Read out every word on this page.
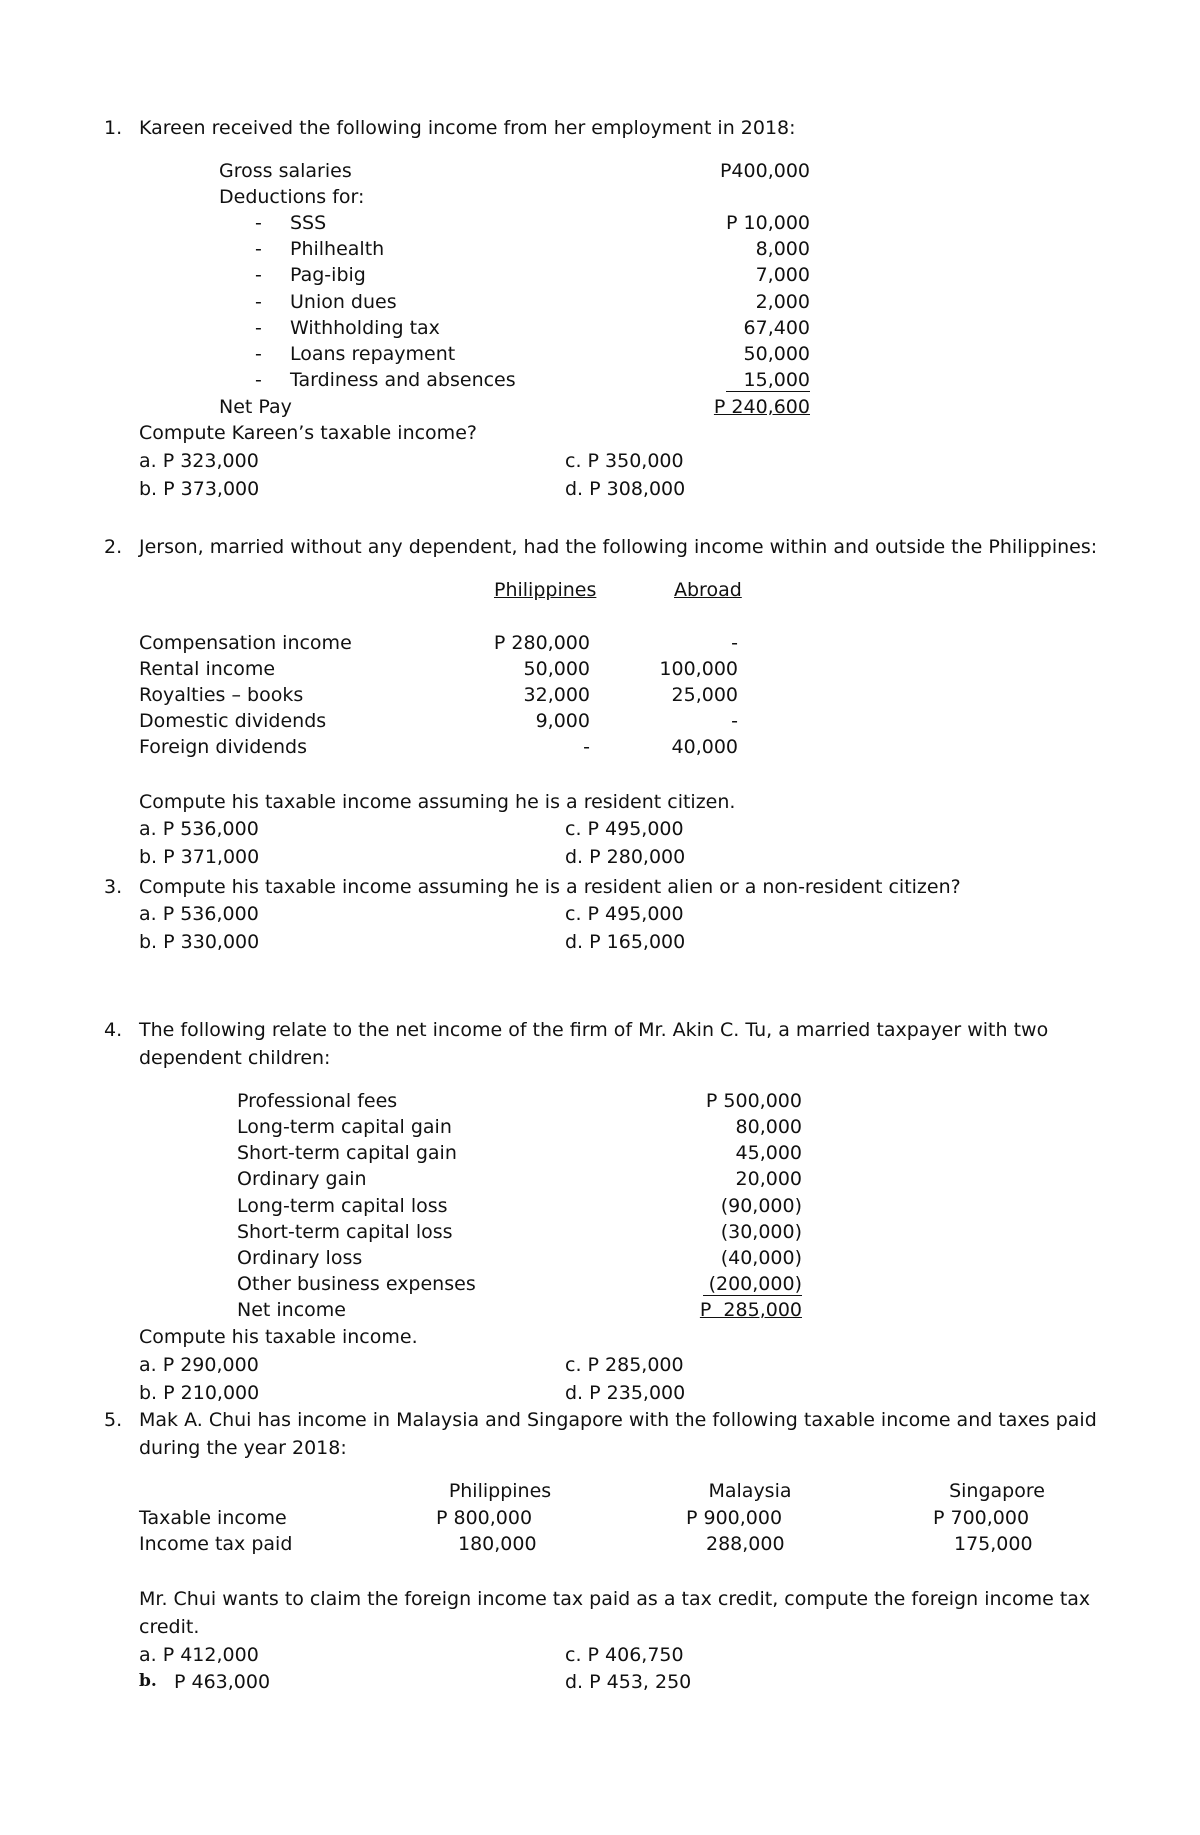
1. Kareen received the following income from her employment in 2018:
Gross salaries	P400,000
Deductions for:
- SSS	P 10,000
- Philhealth	8,000
- Pag-ibig	7,000
- Union dues	2,000
- Withholding tax	67,400
- Loans repayment	50,000
- Tardiness and absences	15,000
Net Pay	P 240,600
Compute Kareen’s taxable income?
a. P 323,000	c. P 350,000
b. P 373,000	d. P 308,000
2. Jerson, married without any dependent, had the following income within and outside the Philippines:
Philippines	Abroad
Compensation income	P 280,000	-
Rental income	50,000	100,000
Royalties – books	32,000	25,000
Domestic dividends	9,000	-
Foreign dividends	-	40,000
Compute his taxable income assuming he is a resident citizen.
a. P 536,000	c. P 495,000
b. P 371,000	d. P 280,000
3. Compute his taxable income assuming he is a resident alien or a non-resident citizen?
a. P 536,000	c. P 495,000
b. P 330,000	d. P 165,000
4. The following relate to the net income of the firm of Mr. Akin C. Tu, a married taxpayer with two
dependent children:
Professional fees	P 500,000
Long-term capital gain	80,000
Short-term capital gain	45,000
Ordinary gain	20,000
Long-term capital loss	(90,000)
Short-term capital loss	(30,000)
Ordinary loss	(40,000)
Other business expenses	(200,000)
Net income	P  285,000
Compute his taxable income.
a. P 290,000	c. P 285,000
b. P 210,000	d. P 235,000
5. Mak A. Chui has income in Malaysia and Singapore with the following taxable income and taxes paid
during the year 2018:
Philippines	Malaysia	Singapore
Taxable income	P 800,000	P 900,000	P 700,000
Income tax paid	180,000	288,000	175,000
Mr. Chui wants to claim the foreign income tax paid as a tax credit, compute the foreign income tax
credit.
a. P 412,000	c. P 406,750
b. P 463,000	d. P 453, 250
